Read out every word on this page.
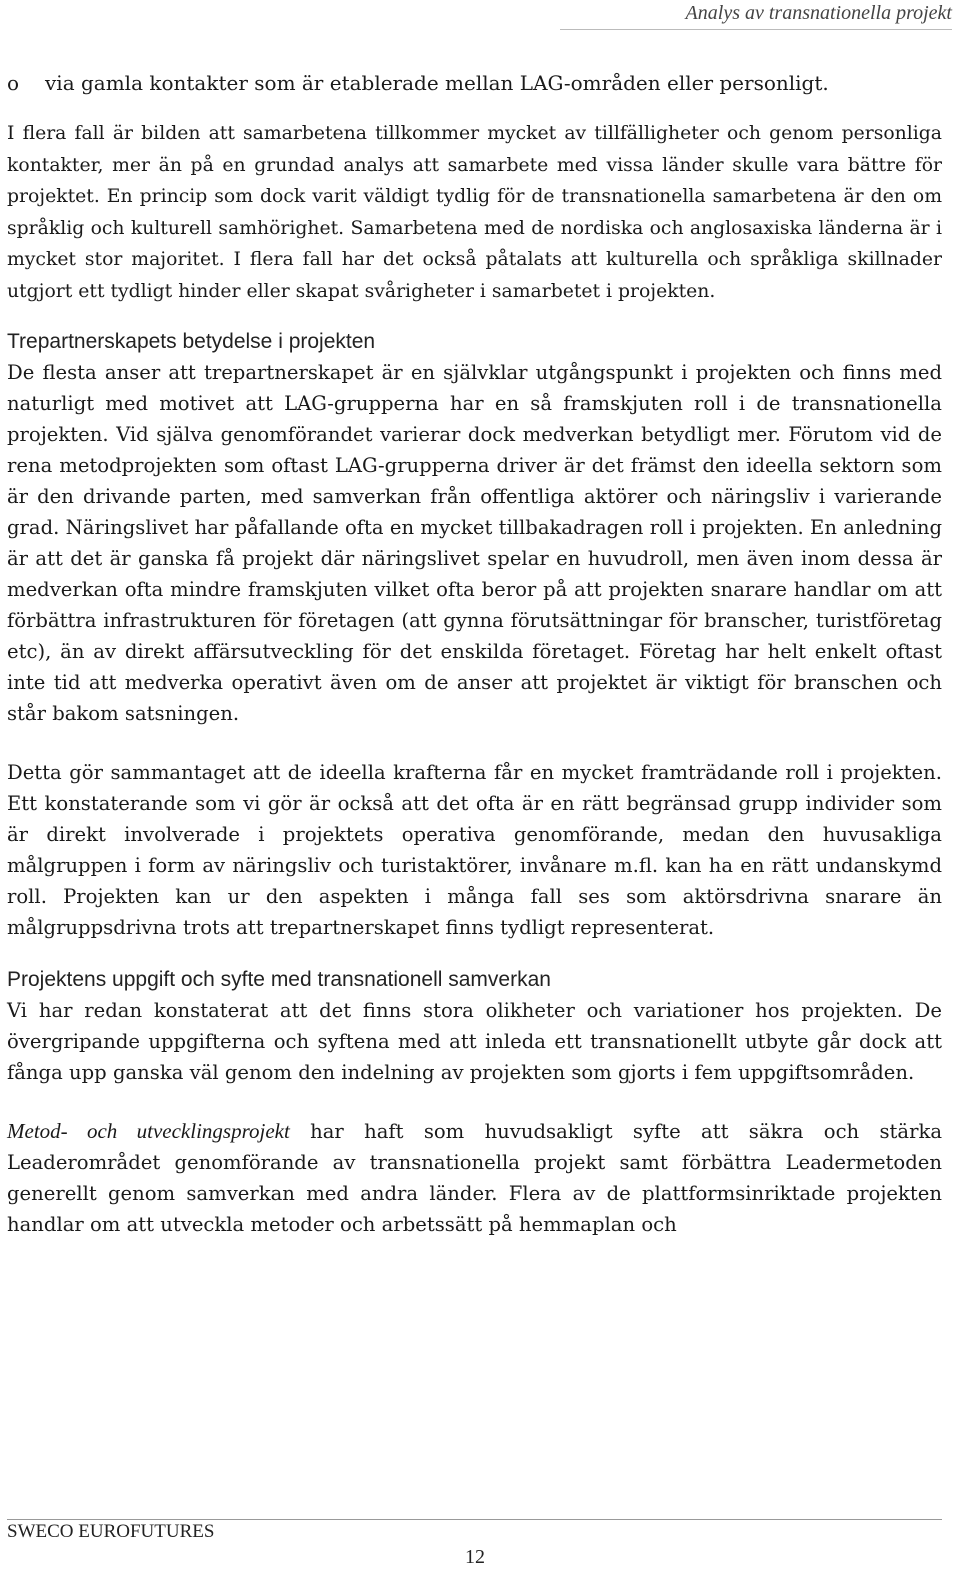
Analys av transnationella projekt
o	via gamla kontakter som är etablerade mellan LAG-områden eller personligt.

I flera fall är bilden att samarbetena tillkommer mycket av tillfälligheter och genom personliga kontakter, mer än på en grundad analys att samarbete med vissa länder skulle vara bättre för projektet. En princip som dock varit väldigt tydlig för de transnationella samarbetena är den om språklig och kulturell samhörighet. Samarbetena med de nordiska och anglosaxiska länderna är i mycket stor majoritet. I flera fall har det också påtalats att kulturella och språkliga skillnader utgjort ett tydligt hinder eller skapat svårigheter i samarbetet i projekten.

Trepartnerskapets betydelse i projekten

De flesta anser att trepartnerskapet är en självklar utgångspunkt i projekten och finns med naturligt med motivet att LAG-grupperna har en så framskjuten roll i de transnationella projekten. Vid själva genomförandet varierar dock medverkan betydligt mer. Förutom vid de rena metodprojekten som oftast LAG-grupperna driver är det främst den ideella sektorn som är den drivande parten, med samverkan från offentliga aktörer och näringsliv i varierande grad. Näringslivet har påfallande ofta en mycket tillbakadragen roll i projekten. En anledning är att det är ganska få projekt där näringslivet spelar en huvudroll, men även inom dessa är medverkan ofta mindre framskjuten vilket ofta beror på att projekten snarare handlar om att förbättra infrastrukturen för företagen (att gynna förutsättningar för branscher, turistföretag etc), än av direkt affärsutveckling för det enskilda företaget. Företag har helt enkelt oftast inte tid att medverka operativt även om de anser att projektet är viktigt för branschen och står bakom satsningen.

Detta gör sammantaget att de ideella krafterna får en mycket framträdande roll i projekten. Ett konstaterande som vi gör är också att det ofta är en rätt begränsad grupp individer som är direkt involverade i projektets operativa genomförande, medan den huvusakliga målgruppen i form av näringsliv och turistaktörer, invånare m.fl. kan ha en rätt undanskymd roll. Projekten kan ur den aspekten i många fall ses som aktörsdrivna snarare än målgruppsdrivna trots att trepartnerskapet finns tydligt representerat.

Projektens uppgift och syfte med transnationell samverkan

Vi har redan konstaterat att det finns stora olikheter och variationer hos projekten. De övergripande uppgifterna och syftena med att inleda ett transnationellt utbyte går dock att fånga upp ganska väl genom den indelning av projekten som gjorts i fem uppgiftsområden.

Metod- och utvecklingsprojekt har haft som huvudsakligt syfte att säkra och stärka Leaderområdet genomförande av transnationella projekt samt förbättra Leadermetoden generellt genom samverkan med andra länder. Flera av de plattformsinriktade projekten handlar om att utveckla metoder och arbetssätt på hemmaplan och

SWECO EUROFUTURES
12
